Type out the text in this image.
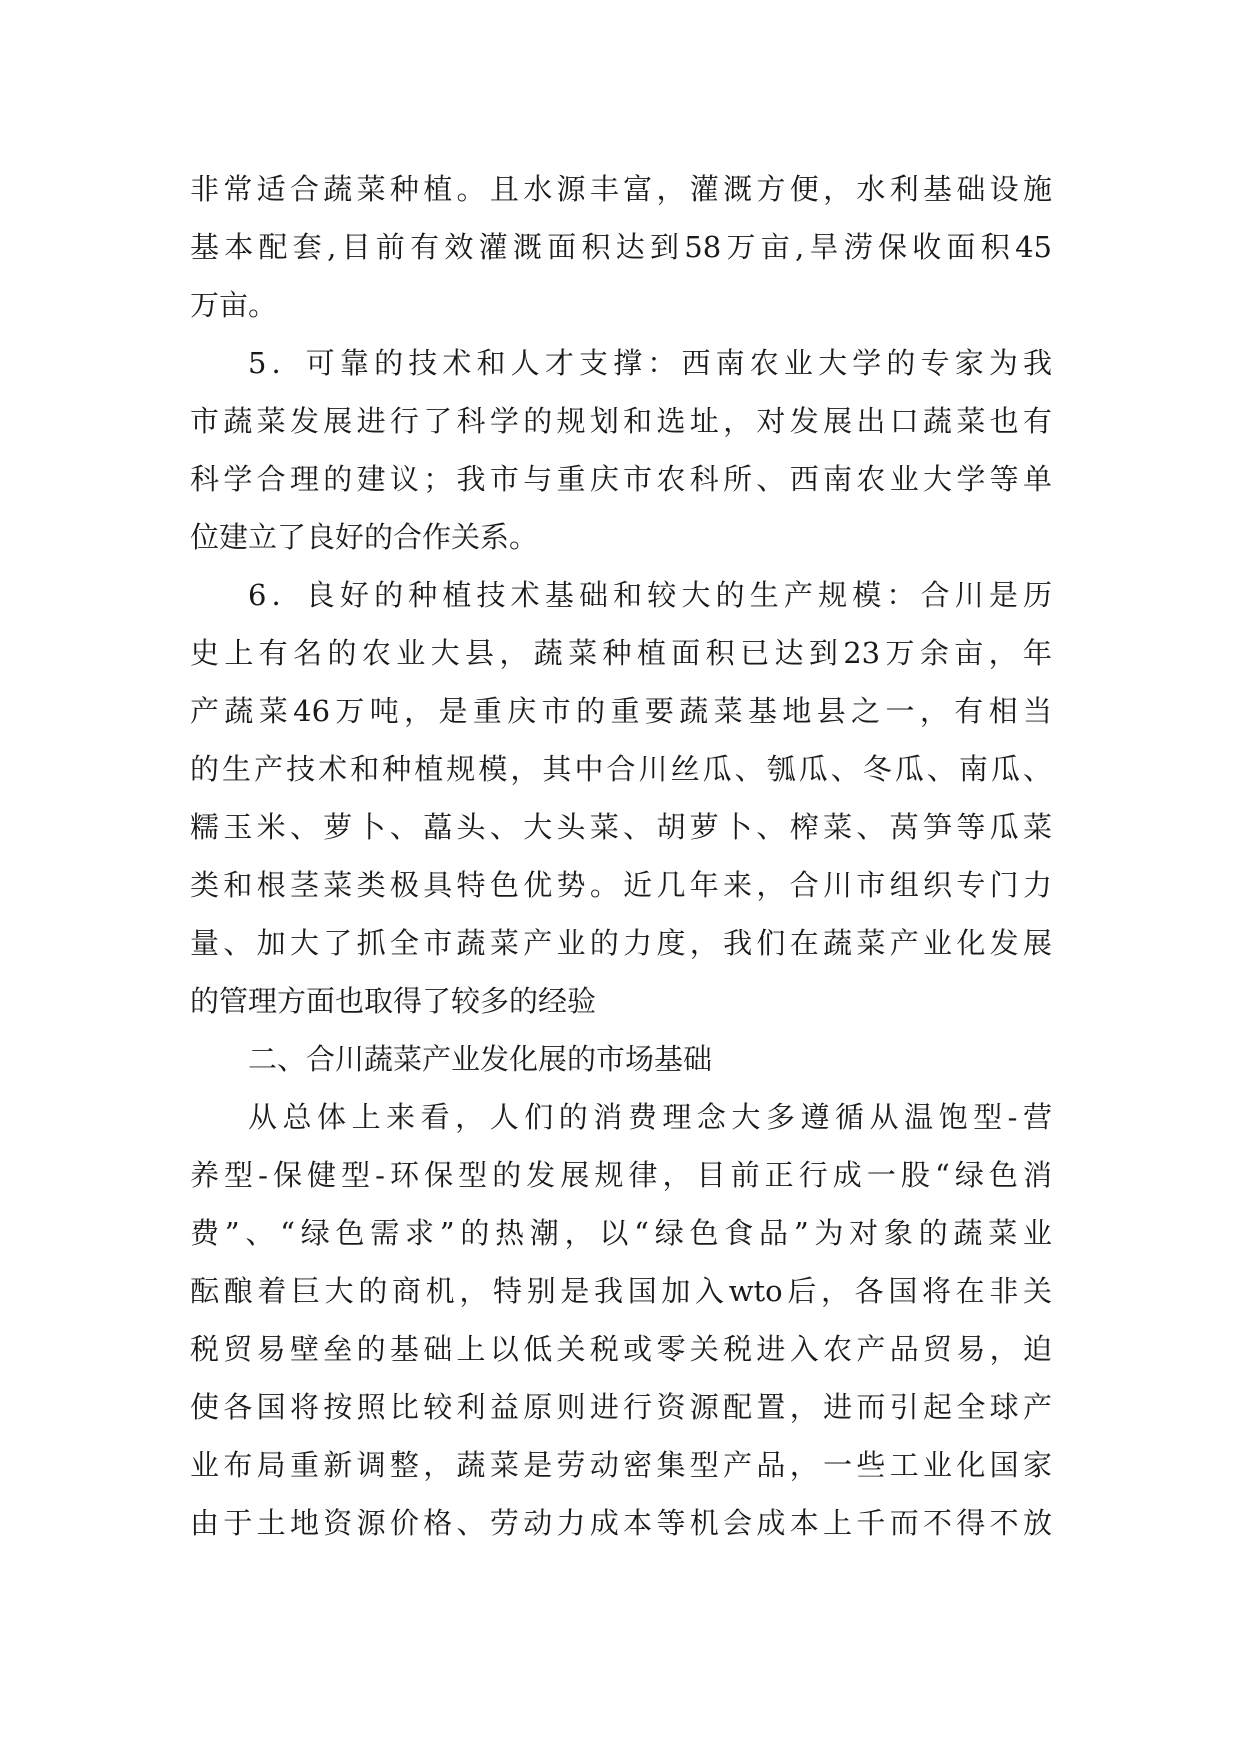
非常适合蔬菜种植。且水源丰富，灌溉方便，水利基础设施
基本配套,目前有效灌溉面积达到58万亩,旱涝保收面积45
万亩。
5．可靠的技术和人才支撑：西南农业大学的专家为我
市蔬菜发展进行了科学的规划和选址，对发展出口蔬菜也有
科学合理的建议；我市与重庆市农科所、西南农业大学等单
位建立了良好的合作关系。
6．良好的种植技术基础和较大的生产规模：合川是历
史上有名的农业大县，蔬菜种植面积已达到23万余亩，年
产蔬菜46万吨，是重庆市的重要蔬菜基地县之一，有相当
的生产技术和种植规模，其中合川丝瓜、瓠瓜、冬瓜、南瓜、
糯玉米、萝卜、藠头、大头菜、胡萝卜、榨菜、莴笋等瓜菜
类和根茎菜类极具特色优势。近几年来，合川市组织专门力
量、加大了抓全市蔬菜产业的力度，我们在蔬菜产业化发展
的管理方面也取得了较多的经验
二、合川蔬菜产业发化展的市场基础
从总体上来看，人们的消费理念大多遵循从温饱型-营
养型-保健型-环保型的发展规律，目前正行成一股“绿色消
费”、“绿色需求”的热潮，以“绿色食品”为对象的蔬菜业
酝酿着巨大的商机，特别是我国加入wto后，各国将在非关
税贸易壁垒的基础上以低关税或零关税进入农产品贸易，迫
使各国将按照比较利益原则进行资源配置，进而引起全球产
业布局重新调整，蔬菜是劳动密集型产品，一些工业化国家
由于土地资源价格、劳动力成本等机会成本上千而不得不放
